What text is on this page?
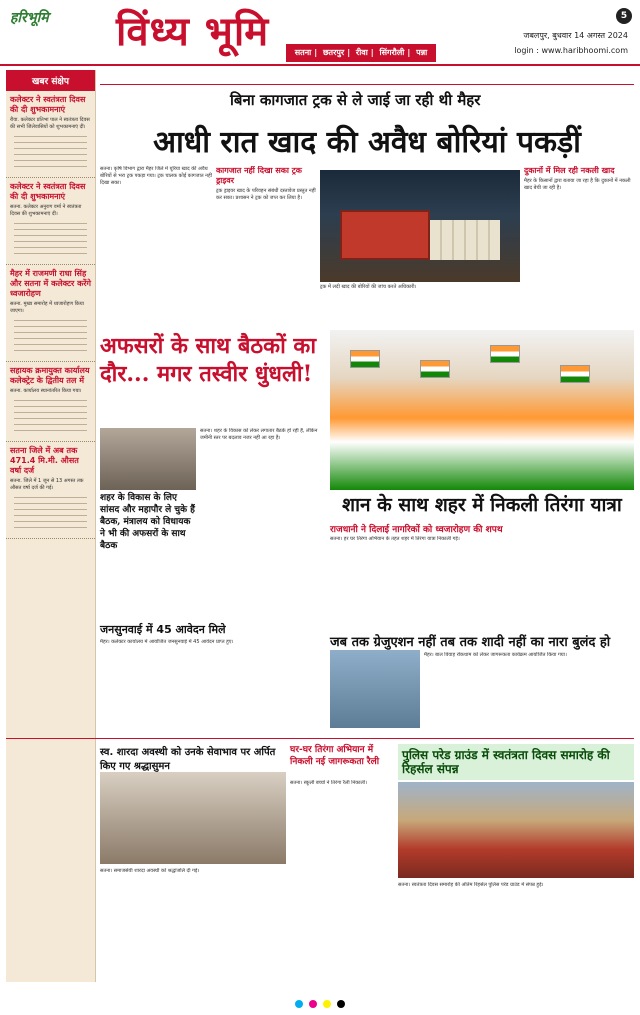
हरिभूमि विंध्य भूमि	5
जबलपुर, बुधवार 14 अगस्त 2024
login : www.haribhoomi.com
सतना | छतरपुर | रीवा | सिंगरौली | पन्ना
खबर संक्षेप
कलेक्टर ने स्वतंत्रता दिवस की दी शुभकामनाएं

रीवा. कलेक्टर प्रतिभा पाल ने स्वतंत्रता दिवस की सभी जिलेवासियों को शुभकामनाएं दीं।

कलेक्टर ने स्वतंत्रता दिवस की दी शुभकामनाएं

सतना. कलेक्टर अनुराग वर्मा ने स्वतंत्रता दिवस की शुभकामनाएं दीं।

मैहर में राजमणी राधा सिंह और सतना में कलेक्टर करेंगे ध्वजारोहण

सतना. मुख्य समारोह में ध्वजारोहण किया जाएगा।

सहायक क्रमायुक्त कार्यालय कलेक्ट्रेट के द्वितीय तल में

सतना. कार्यालय स्थानांतरित किया गया।

सतना जिले में अब तक 471.4 मि.मी. औसत वर्षा दर्ज

सतना. जिले में 1 जून से 13 अगस्त तक औसत वर्षा दर्ज की गई।

बिना कागजात ट्रक से ले जाई जा रही थी मैहर
आधी रात खाद की अवैध बोरियां पकड़ीं
सतना। कृषि विभाग द्वारा मैहर जिले में यूरिया खाद की अवैध बोरियों से भरा ट्रक पकड़ा गया। ट्रक चालक कोई कागजात नहीं दिखा सका।
कागजात नहीं दिखा सका ट्रक ड्राइवर
ट्रक ड्राइवर खाद के परिवहन संबंधी दस्तावेज प्रस्तुत नहीं कर सका। प्रशासन ने ट्रक को जप्त कर लिया है।
ट्रक में लदी खाद की बोरियों की जांच करते अधिकारी।
दुकानों में मिल रही नकली खाद
मैहर के किसानों द्वारा बताया जा रहा है कि दुकानों में नकली खाद बेची जा रही है।
अफसरों के साथ बैठकों का दौर... मगर तस्वीर धुंधली!
शहर के विकास के लिए सांसद और महापौर ले चुके हैं बैठक, मंत्रालय को विधायक ने भी की अफसरों के साथ बैठक
सतना। शहर के विकास को लेकर लगातार बैठकें हो रही हैं, लेकिन जमीनी स्तर पर बदलाव नजर नहीं आ रहा है।
शान के साथ शहर में निकली तिरंगा यात्रा
राजधानी ने दिलाई नागरिकों को ध्वजारोहण की शपथ
सतना। हर घर तिरंगा अभियान के तहत शहर में तिरंगा यात्रा निकाली गई।
जनसुनवाई में 45 आवेदन मिले
मैहर। कलेक्टर कार्यालय में आयोजित जनसुनवाई में 45 आवेदन प्राप्त हुए।	जब तक ग्रेजुएशन नहीं तब तक शादी नहीं का नारा बुलंद हो
मैहर। बाल विवाह रोकथाम को लेकर जागरूकता कार्यक्रम आयोजित किया गया।
स्व. शारदा अवस्थी को उनके सेवाभाव पर अर्पित किए गए श्रद्धासुमन
सतना। समाजसेवी शारदा अवस्थी को श्रद्धांजलि दी गई।
घर-घर तिरंगा अभियान में निकली नई जागरूकता रैली
सतना। स्कूली बच्चों ने तिरंगा रैली निकाली।
पुलिस परेड ग्राउंड में स्वतंत्रता दिवस समारोह की रिहर्सल संपन्न
सतना। स्वतंत्रता दिवस समारोह की अंतिम रिहर्सल पुलिस परेड ग्राउंड में संपन्न हुई।
